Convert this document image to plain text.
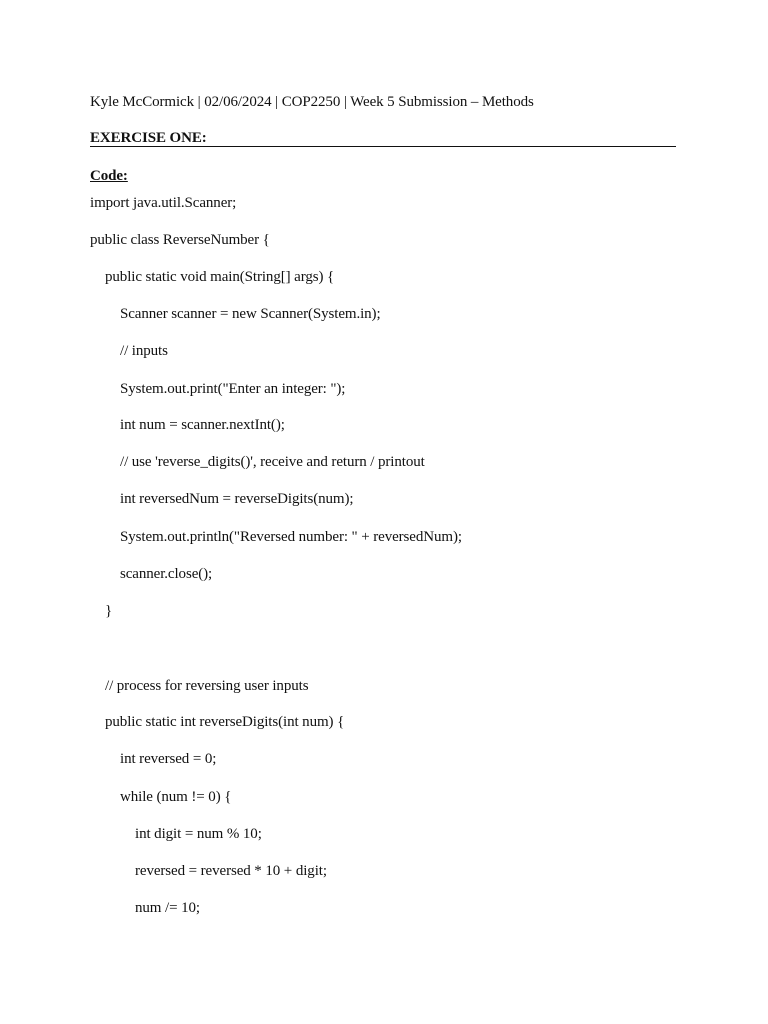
Kyle McCormick | 02/06/2024 | COP2250 | Week 5 Submission – Methods
EXERCISE ONE:
Code:
import java.util.Scanner;
public class ReverseNumber {
public static void main(String[] args) {
Scanner scanner = new Scanner(System.in);
// inputs
System.out.print("Enter an integer: ");
int num = scanner.nextInt();
// use 'reverse_digits()', receive and return / printout
int reversedNum = reverseDigits(num);
System.out.println("Reversed number: " + reversedNum);
scanner.close();
}
// process for reversing user inputs
public static int reverseDigits(int num) {
int reversed = 0;
while (num != 0) {
int digit = num % 10;
reversed = reversed * 10 + digit;
num /= 10;
